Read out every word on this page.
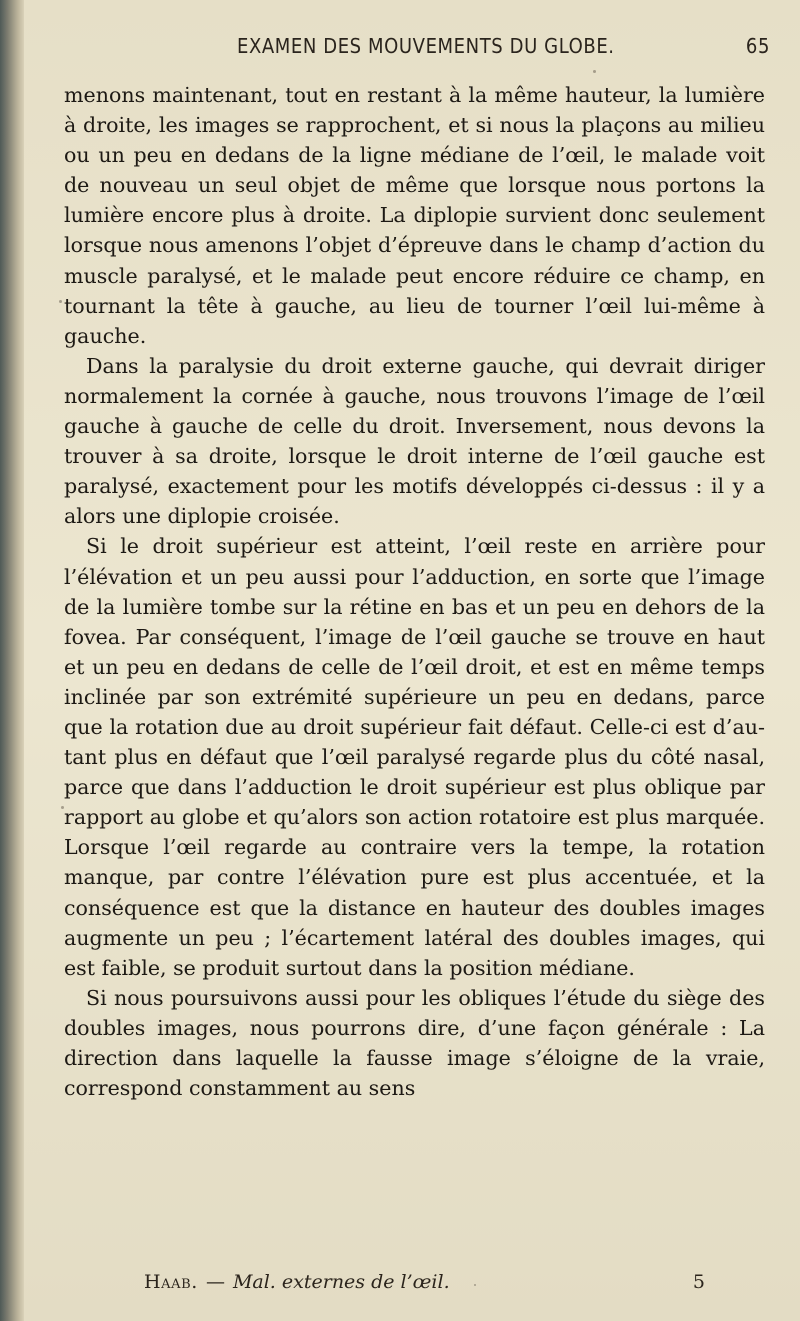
EXAMEN DES MOUVEMENTS DU GLOBE.	65

menons maintenant, tout en restant à la même hauteur, la lumière à droite, les images se rapprochent, et si nous la plaçons au milieu ou un peu en dedans de la ligne médiane de l’œil, le malade voit de nouveau un seul objet de même que lorsque nous portons la lumière encore plus à droite. La diplopie survient donc seulement lorsque nous amenons l’objet d’épreuve dans le champ d’action du muscle paralysé, et le malade peut encore réduire ce champ, en tournant la tête à gauche, au lieu de tourner l’œil lui-même à gauche.

Dans la paralysie du droit externe gauche, qui devrait diriger normalement la cornée à gauche, nous trouvons l’image de l’œil gauche à gauche de celle du droit. Inversement, nous devons la trouver à sa droite, lorsque le droit interne de l’œil gauche est paralysé, exactement pour les motifs développés ci-dessus : il y a alors une diplopie croisée.

Si le droit supérieur est atteint, l’œil reste en arrière pour l’élévation et un peu aussi pour l’adduction, en sorte que l’image de la lumière tombe sur la rétine en bas et un peu en dehors de la fovea. Par conséquent, l’image de l’œil gauche se trouve en haut et un peu en dedans de celle de l’œil droit, et est en même temps inclinée par son extrémité supérieure un peu en dedans, parce que la rotation due au droit supérieur fait défaut. Celle-ci est d’autant plus en défaut que l’œil paralysé regarde plus du côté nasal, parce que dans l’adduction le droit supérieur est plus oblique par rapport au globe et qu’alors son action rotatoire est plus marquée. Lorsque l’œil regarde au contraire vers la tempe, la rotation manque, par contre l’élévation pure est plus accentuée, et la conséquence est que la distance en hauteur des doubles images augmente un peu ; l’écartement latéral des doubles images, qui est faible, se produit surtout dans la position médiane.

Si nous poursuivons aussi pour les obliques l’étude du siège des doubles images, nous pourrons dire, d’une façon générale : La direction dans laquelle la fausse image s’éloigne de la vraie, correspond constamment au sens

Haab. — Mal. externes de l’œil.	5
